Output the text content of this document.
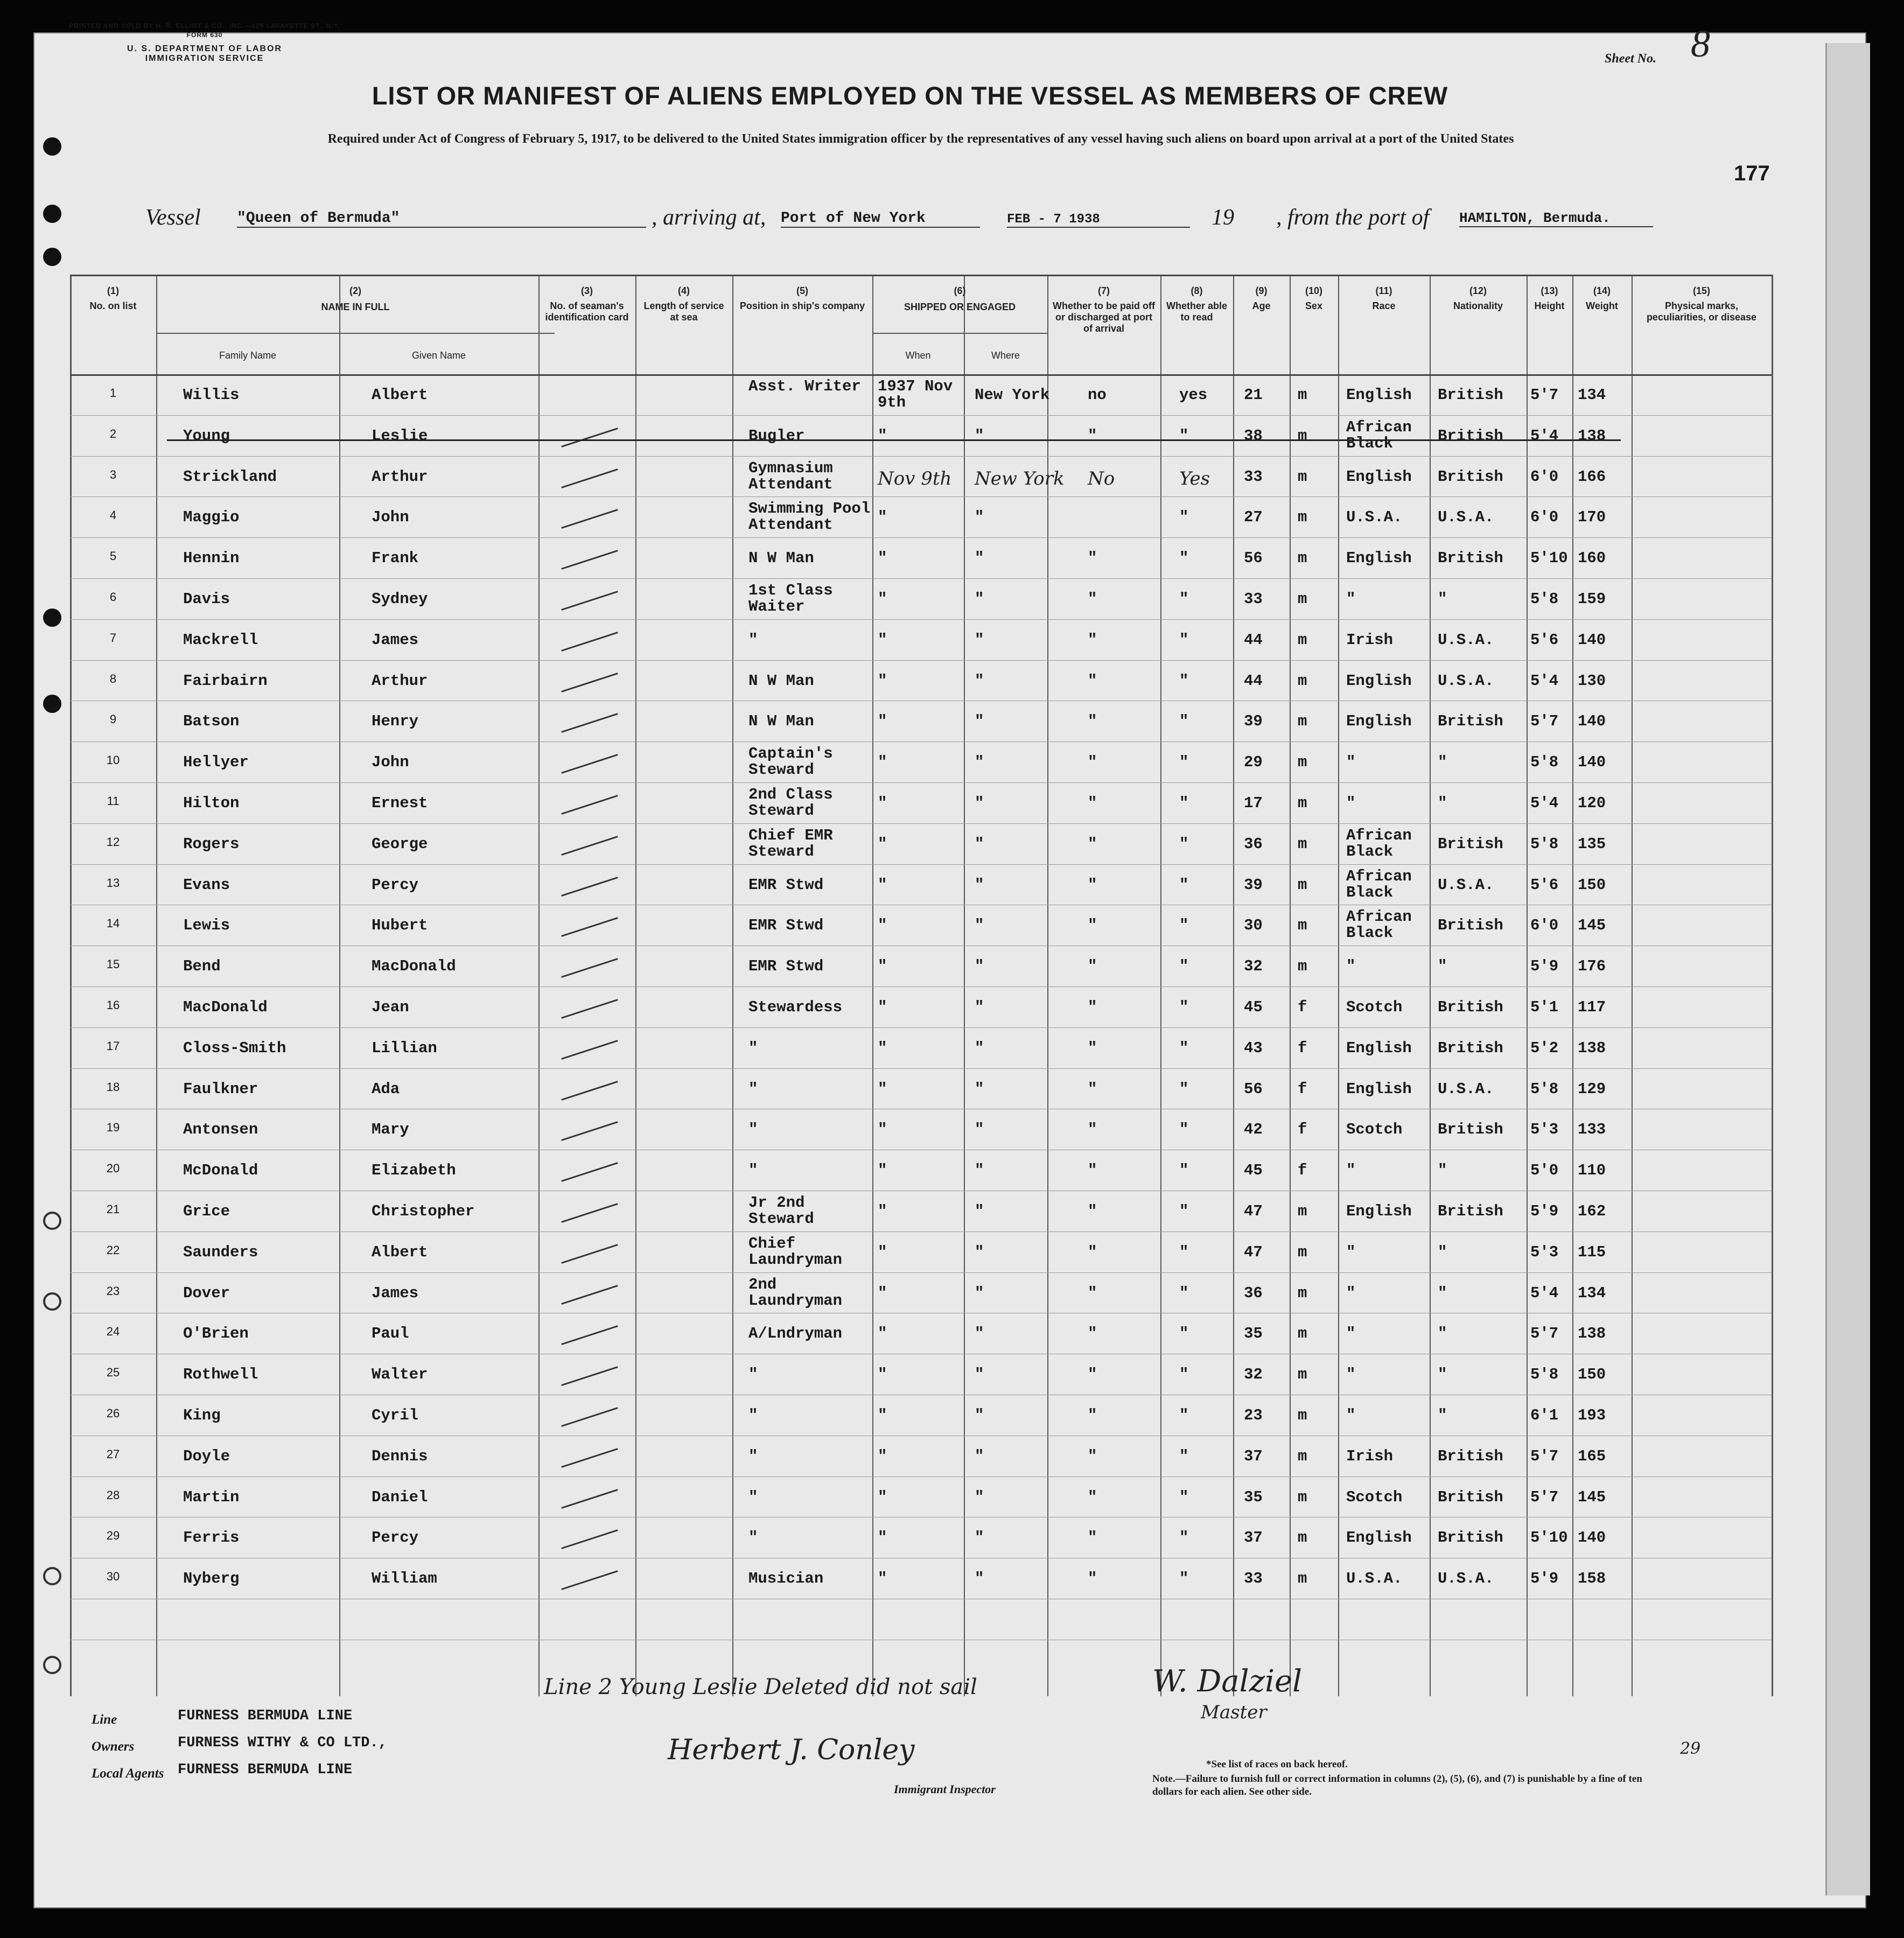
PRINTED AND SOLD BY H. R. ELLIOT & CO., INC.—129 LAFAYETTE ST., N.Y.
FORM 630
U. S. DEPARTMENT OF LABOR
IMMIGRATION SERVICE	Sheet No. 8
LIST OR MANIFEST OF ALIENS EMPLOYED ON THE VESSEL AS MEMBERS OF CREW
Required under Act of Congress of February 5, 1917, to be delivered to the United States immigration officer by the representatives of any vessel having such aliens on board upon arrival at a port of the United States
177
Vessel "Queen of Bermuda"	, arriving at, Port of New York	FEB - 7 1938	19 , from the port of HAMILTON, Bermuda.
(1)
No. on list
(2)
NAME IN FULL
(3)
No. of seaman's identification card
(4)
Length of service at sea
(5)
Position in ship's company
(6)
SHIPPED OR ENGAGED
(7)
Whether to be paid off or discharged at port of arrival
(8)
Whether able to read
(9)
Age
(10)
Sex
(11)
Race
(12)
Nationality
(13)
Height
(14)
Weight
(15)
Physical marks, peculiarities, or disease
Family Name	Given Name	When	Where
1	Willis	Albert	Asst. Writer	1937 Nov 9th	New York no	yes 21 m	English British 5'7 134
2	Young	Leslie	Bugler	"	"	"	"	38 m	African Black	British 5'4 138
3	Strickland	Arthur	Gymnasium Attendant	Nov 9th New York No	Yes 33 m	English British 6'0 166
4	Maggio	John	Swimming Pool Attendant	"	"	"	27 m	U.S.A. U.S.A. 6'0 170
5	Hennin	Frank	N W Man	"	"	"	"	56 m	English British 5'10 160
6	Davis	Sydney	1st Class Waiter	"	"	"	"	33 m	"	"	5'8 159
7	Mackrell	James	"	"	"	"	"	44 m	Irish	U.S.A. 5'6 140
8	Fairbairn	Arthur	N W Man	"	"	"	"	44 m	English U.S.A. 5'4 130
9	Batson	Henry	N W Man	"	"	"	"	39 m	English British 5'7 140
10	Hellyer	John	Captain's Steward	"	"	"	"	29 m	"	"	5'8 140
11	Hilton	Ernest	2nd Class Steward	"	"	"	"	17 m	"	"	5'4 120
12	Rogers	George	Chief EMR Steward	"	"	"	"	36 m	African Black	British 5'8 135
13	Evans	Percy	EMR Stwd	"	"	"	"	39 m	African Black	U.S.A. 5'6 150
14	Lewis	Hubert	EMR Stwd	"	"	"	"	30 m	African Black	British 6'0 145
15	Bend	MacDonald	EMR Stwd	"	"	"	"	32 m	"	"	5'9 176
16	MacDonald	Jean	Stewardess "	"	"	"	45 f	Scotch British 5'1 117
17	Closs-Smith	Lillian	"	"	"	"	"	43 f	English British 5'2 138
18	Faulkner	Ada	"	"	"	"	"	56 f	English U.S.A. 5'8 129
19	Antonsen	Mary	"	"	"	"	"	42 f	Scotch British 5'3 133
20	McDonald	Elizabeth	"	"	"	"	"	45 f	"	"	5'0 110
21	Grice	Christopher	Jr 2nd Steward	"	"	"	"	47 m	English British 5'9 162
22	Saunders	Albert	Chief Laundryman	"	"	"	"	47 m	"	"	5'3 115
23	Dover	James	2nd Laundryman	"	"	"	"	36 m	"	"	5'4 134
24	O'Brien	Paul	A/Lndryman "	"	"	"	35 m	"	"	5'7 138
25	Rothwell	Walter	"	"	"	"	"	32 m	"	"	5'8 150
26	King	Cyril	"	"	"	"	"	23 m	"	"	6'1 193
27	Doyle	Dennis	"	"	"	"	"	37 m	Irish	British 5'7 165
28	Martin	Daniel	"	"	"	"	"	35 m	Scotch British 5'7 145
29	Ferris	Percy	"	"	"	"	"	37 m	English British 5'10 140
30	Nyberg	William	Musician	"	"	"	"	33 m	U.S.A. U.S.A. 5'9 158
Line 2 Young Leslie Deleted did not sail
Line	FURNESS BERMUDA LINE
Owners	FURNESS WITHY & CO LTD.,
Local Agents FURNESS BERMUDA LINE
Herbert J. Conley
Immigrant Inspector
W. Dalziel
Master
*See list of races on back hereof.
Note.—Failure to furnish full or correct information in columns (2), (5), (6), and (7) is punishable by a fine of ten dollars for each alien. See other side.
29
